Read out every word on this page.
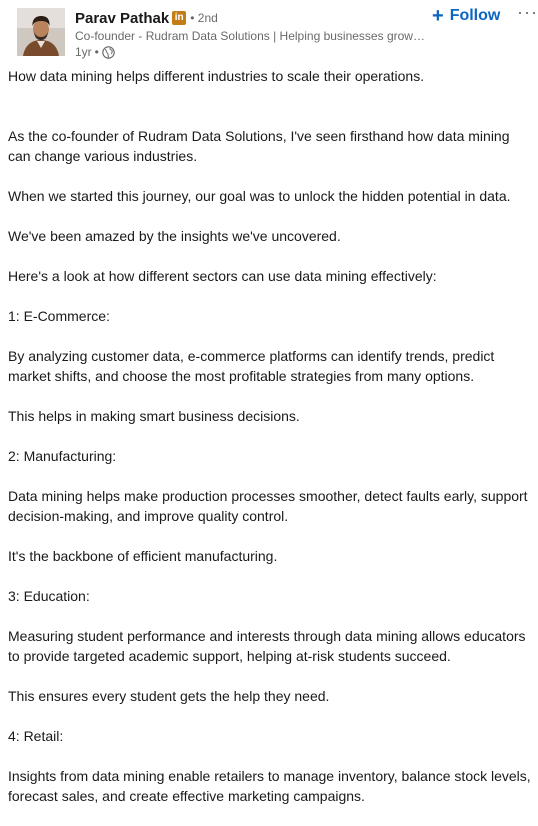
Parav Pathak in • 2nd
Co-founder - Rudram Data Solutions | Helping businesses grow…
1yr •
+ Follow ···

How data mining helps different industries to scale their operations.

As the co-founder of Rudram Data Solutions, I've seen firsthand how data mining can change various industries.

When we started this journey, our goal was to unlock the hidden potential in data.

We've been amazed by the insights we've uncovered.

Here's a look at how different sectors can use data mining effectively:

1: E-Commerce:

By analyzing customer data, e-commerce platforms can identify trends, predict market shifts, and choose the most profitable strategies from many options.

This helps in making smart business decisions.

2: Manufacturing:

Data mining helps make production processes smoother, detect faults early, support decision-making, and improve quality control.

It's the backbone of efficient manufacturing.

3: Education:

Measuring student performance and interests through data mining allows educators to provide targeted academic support, helping at-risk students succeed.

This ensures every student gets the help they need.

4: Retail:

Insights from data mining enable retailers to manage inventory, balance stock levels, forecast sales, and create effective marketing campaigns.
